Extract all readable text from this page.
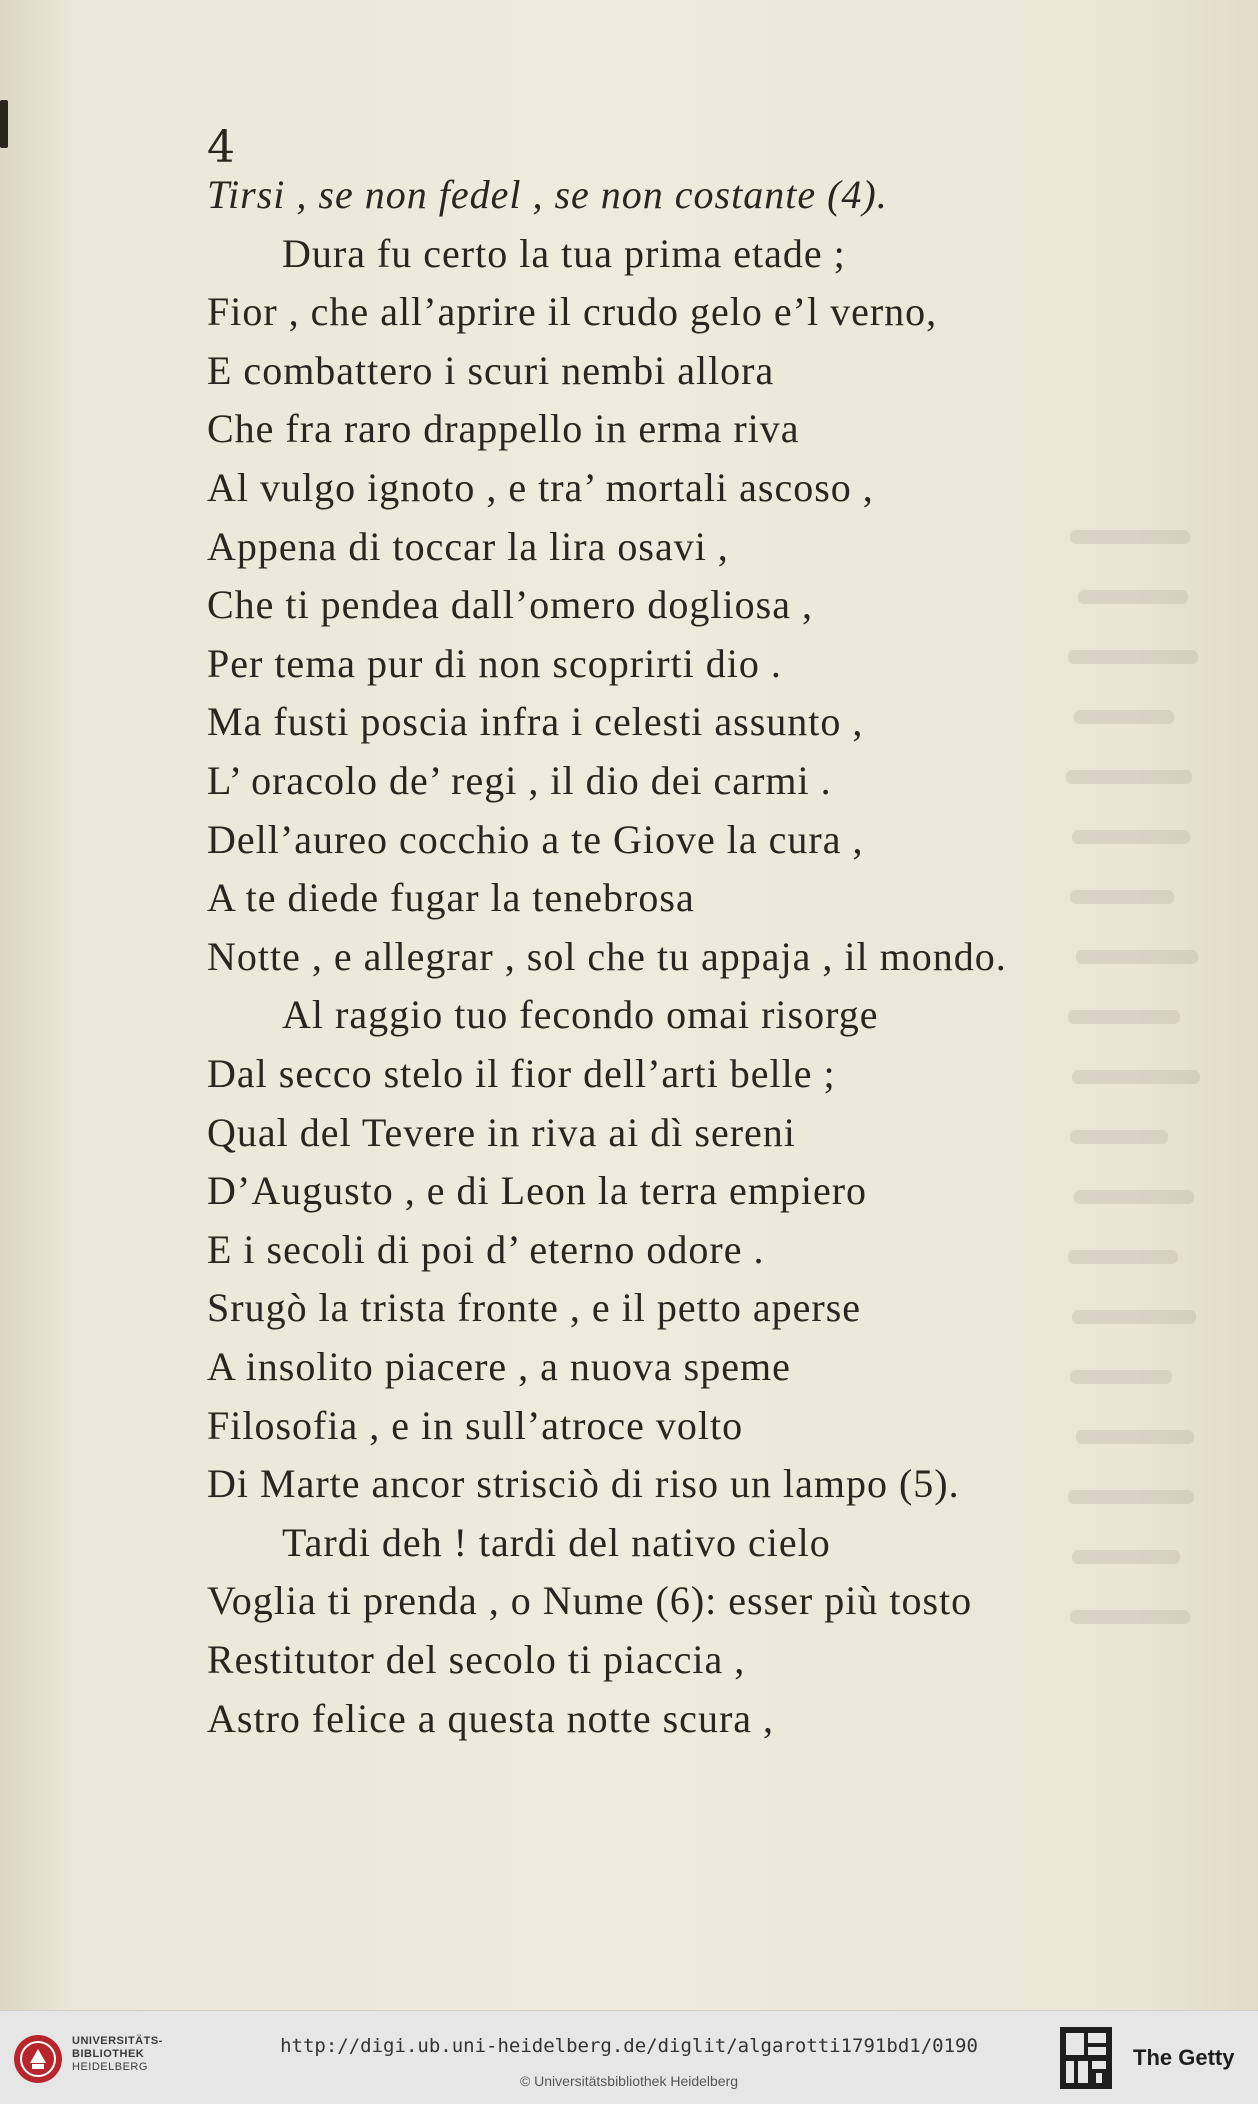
4
Tirsi , se non fedel , se non costante (4).
Dura fu certo la tua prima etade ;
Fior , che all’aprire il crudo gelo e’l verno,
E combattero i scuri nembi allora
Che fra raro drappello in erma riva
Al vulgo ignoto , e tra’ mortali ascoso ,
Appena di toccar la lira osavi ,
Che ti pendea dall’omero dogliosa ,
Per tema pur di non scoprirti dio .
Ma fusti poscia infra i celesti assunto ,
L’ oracolo de’ regi , il dio dei carmi .
Dell’aureo cocchio a te Giove la cura ,
A te diede fugar la tenebrosa
Notte , e allegrar , sol che tu appaja , il mondo.
Al raggio tuo fecondo omai risorge
Dal secco stelo il fior dell’arti belle ;
Qual del Tevere in riva ai dì sereni
D’Augusto , e di Leon la terra empiero
E i secoli di poi d’ eterno odore .
Srugò la trista fronte , e il petto aperse
A insolito piacere , a nuova speme
Filosofia , e in sull’atroce volto
Di Marte ancor strisciò di riso un lampo (5).
Tardi deh ! tardi del nativo cielo
Voglia ti prenda , o Nume (6): esser più tosto
Restitutor del secolo ti piaccia ,
Astro felice a questa notte scura ,
UNIVERSITÄTS-
BIBLIOTHEK
HEIDELBERG
http://digi.ub.uni-heidelberg.de/diglit/algarotti1791bd1/0190
© Universitätsbibliothek Heidelberg
The Getty
